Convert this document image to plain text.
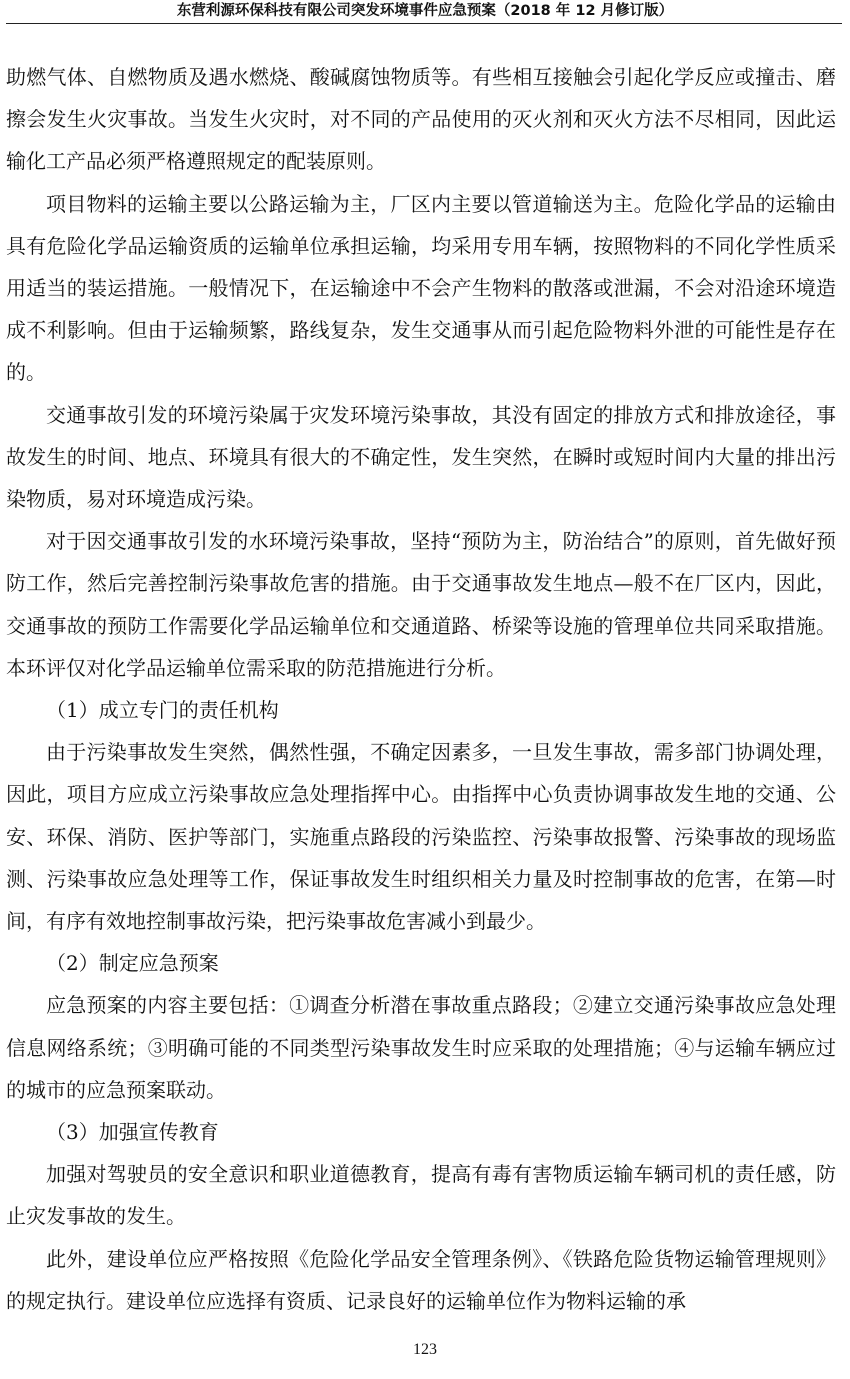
东营利源环保科技有限公司突发环境事件应急预案（2018 年 12 月修订版）

助燃气体、自燃物质及遇水燃烧、酸碱腐蚀物质等。有些相互接触会引起化学反应或撞击、磨擦会发生火灾事故。当发生火灾时，对不同的产品使用的灭火剂和灭火方法不尽相同，因此运输化工产品必须严格遵照规定的配装原则。

项目物料的运输主要以公路运输为主，厂区内主要以管道输送为主。危险化学品的运输由具有危险化学品运输资质的运输单位承担运输，均采用专用车辆，按照物料的不同化学性质采用适当的装运措施。一般情况下，在运输途中不会产生物料的散落或泄漏，不会对沿途环境造成不利影响。但由于运输频繁，路线复杂，发生交通事从而引起危险物料外泄的可能性是存在的。

交通事故引发的环境污染属于灾发环境污染事故，其没有固定的排放方式和排放途径，事故发生的时间、地点、环境具有很大的不确定性，发生突然，在瞬时或短时间内大量的排出污染物质，易对环境造成污染。

对于因交通事故引发的水环境污染事故，坚持“预防为主，防治结合”的原则，首先做好预防工作，然后完善控制污染事故危害的措施。由于交通事故发生地点—般不在厂区内，因此，交通事故的预防工作需要化学品运输单位和交通道路、桥梁等设施的管理单位共同采取措施。本环评仅对化学品运输单位需采取的防范措施进行分析。

（1）成立专门的责任机构

由于污染事故发生突然，偶然性强，不确定因素多，一旦发生事故，需多部门协调处理，因此，项目方应成立污染事故应急处理指挥中心。由指挥中心负责协调事故发生地的交通、公安、环保、消防、医护等部门，实施重点路段的污染监控、污染事故报警、污染事故的现场监测、污染事故应急处理等工作，保证事故发生时组织相关力量及时控制事故的危害，在第—时间，有序有效地控制事故污染，把污染事故危害减小到最少。

（2）制定应急预案

应急预案的内容主要包括：①调查分析潜在事故重点路段；②建立交通污染事故应急处理信息网络系统；③明确可能的不同类型污染事故发生时应采取的处理措施；④与运输车辆应过的城市的应急预案联动。

（3）加强宣传教育

加强对驾驶员的安全意识和职业道德教育，提高有毒有害物质运输车辆司机的责任感，防止灾发事故的发生。

此外，建设单位应严格按照《危险化学品安全管理条例》、《铁路危险货物运输管理规则》的规定执行。建设单位应选择有资质、记录良好的运输单位作为物料运输的承

123
